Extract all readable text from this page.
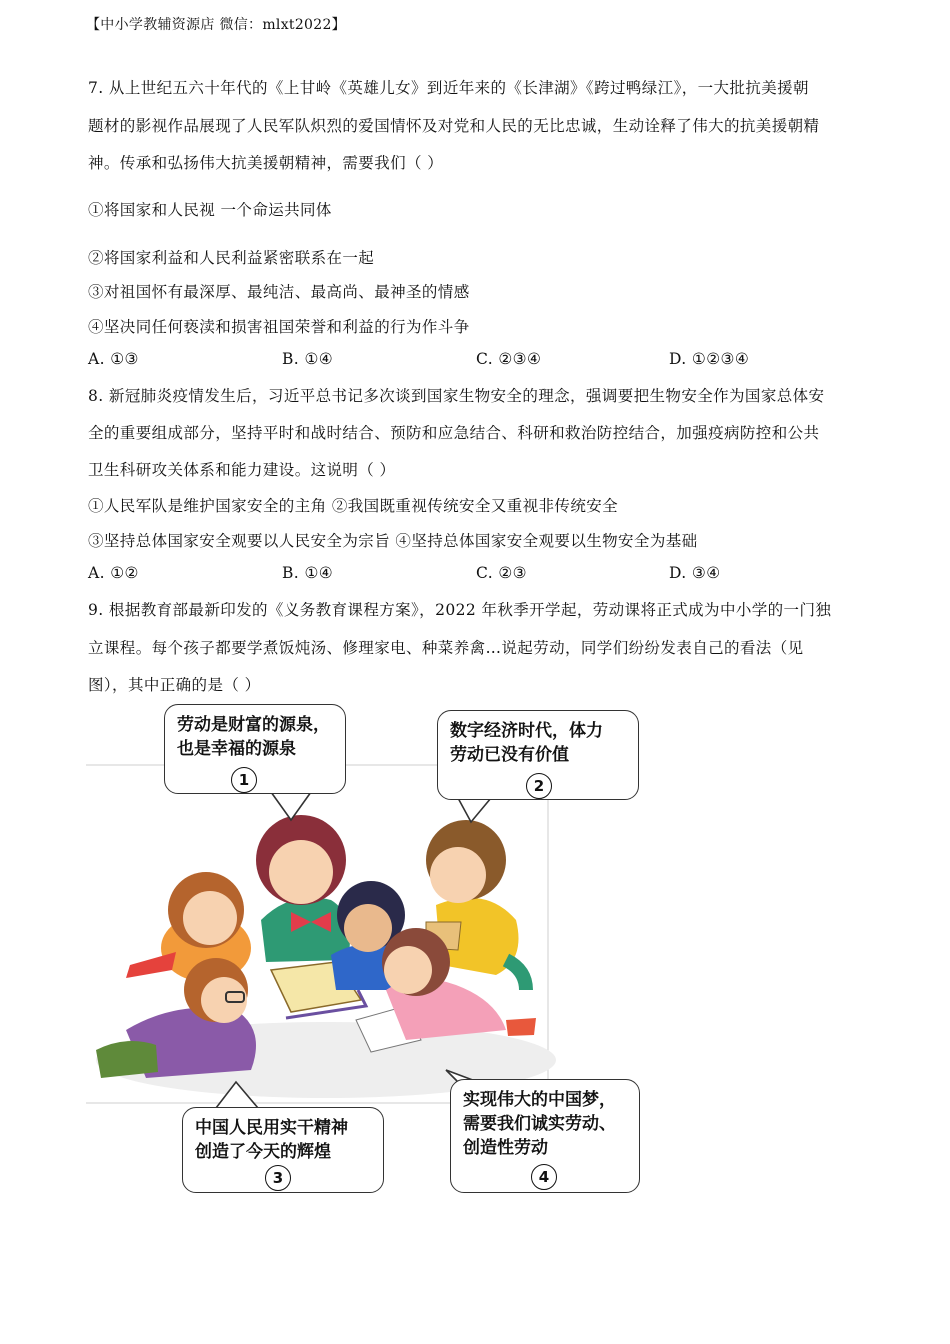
【中小学教辅资源店 微信：mlxt2022】
7. 从上世纪五六十年代的《上甘岭《英雄儿女》到近年来的《长津湖》《跨过鸭绿江》，一大批抗美援朝
题材的影视作品展现了人民军队炽烈的爱国情怀及对党和人民的无比忠诚，生动诠释了伟大的抗美援朝精
神。传承和弘扬伟大抗美援朝精神，需要我们（ ）
①将国家和人民视 一个命运共同体
②将国家利益和人民利益紧密联系在一起
③对祖国怀有最深厚、最纯洁、最高尚、最神圣的情感
④坚决同任何亵渎和损害祖国荣誉和利益的行为作斗争
A. ①③	B. ①④	C. ②③④	D. ①②③④
8. 新冠肺炎疫情发生后，习近平总书记多次谈到国家生物安全的理念，强调要把生物安全作为国家总体安
全的重要组成部分，坚持平时和战时结合、预防和应急结合、科研和救治防控结合，加强疫病防控和公共
卫生科研攻关体系和能力建设。这说明（ ）
①人民军队是维护国家安全的主角 ②我国既重视传统安全又重视非传统安全
③坚持总体国家安全观要以人民安全为宗旨 ④坚持总体国家安全观要以生物安全为基础
A. ①②	B. ①④	C. ②③	D. ③④
9. 根据教育部最新印发的《义务教育课程方案》，2022 年秋季开学起，劳动课将正式成为中小学的一门独
立课程。每个孩子都要学煮饭炖汤、修理家电、种菜养禽…说起劳动，同学们纷纷发表自己的看法（见
图），其中正确的是（ ）
劳动是财富的源泉，
也是幸福的源泉
1
数字经济时代，体力
劳动已没有价值
2
中国人民用实干精神
创造了今天的辉煌
3
实现伟大的中国梦，
需要我们诚实劳动、
创造性劳动
4
